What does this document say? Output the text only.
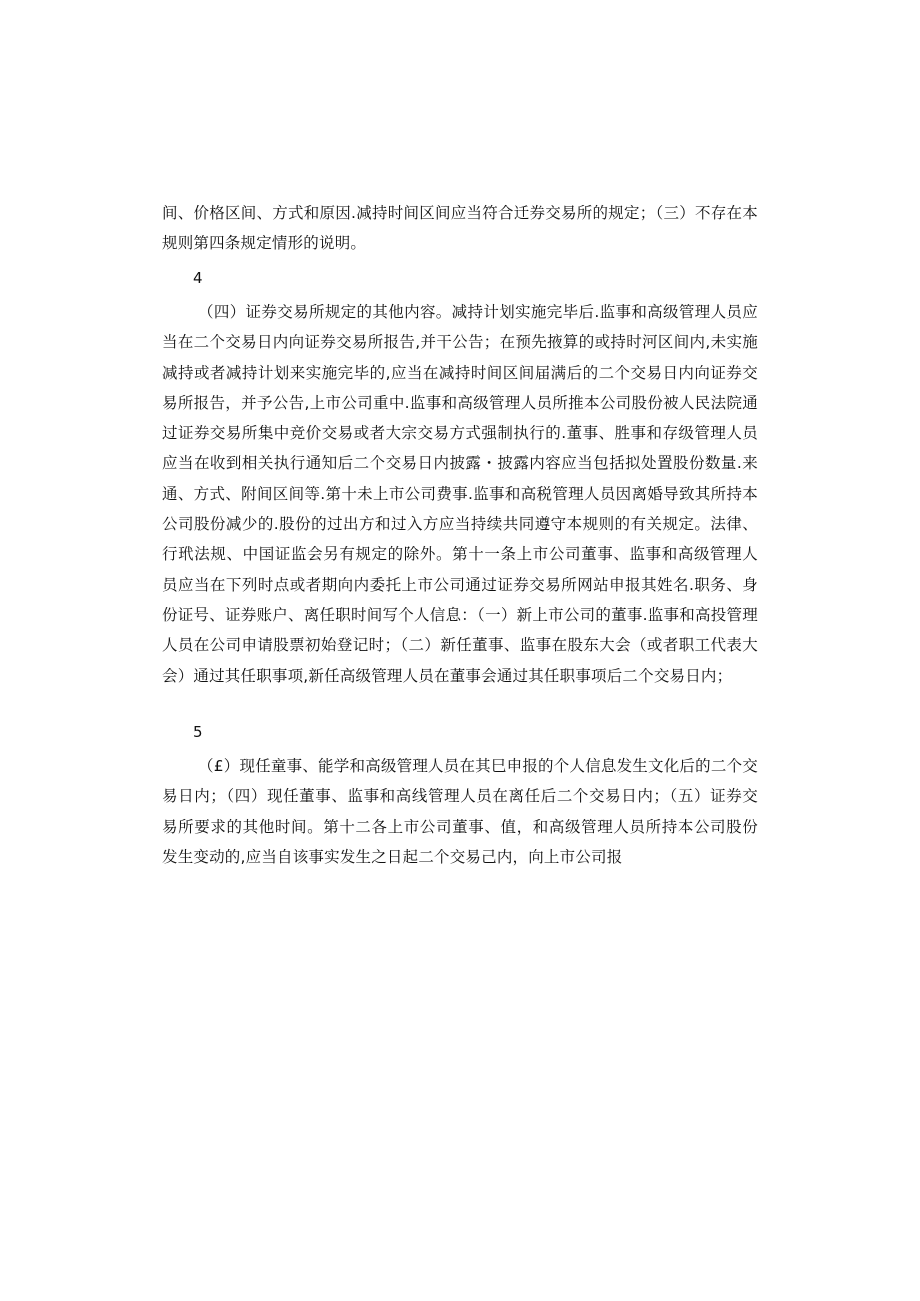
间、价格区间、方式和原因.减持时间区间应当符合迁券交易所的规定；（三）不存在本规则第四条规定情形的说明。

4

（四）证券交易所规定的其他内容。减持计划实施完毕后.监事和高级管理人员应当在二个交易日内向证券交易所报告,并干公告；在预先掖算的或持时河区间内,未实施减持或者减持计划来实施完毕的,应当在减持时间区间届满后的二个交易日内向证券交易所报告，并予公告,上市公司重中.监事和高级管理人员所推本公司股份被人民法院通过证券交易所集中竞价交易或者大宗交易方式强制执行的.董事、胜事和存级管理人员应当在收到相关执行通知后二个交易日内披露・披露内容应当包括拟处置股份数量.来通、方式、附间区间等.第十未上市公司费事.监事和高税管理人员因离婚导致其所持本公司股份减少的.股份的过出方和过入方应当持续共同遵守本规则的有关规定。法律、行玳法规、中国证监会另有规定的除外。第十一条上市公司董事、监事和高级管理人员应当在下列时点或者期向内委托上市公司通过证券交易所网站申报其姓名.职务、身份证号、证券账户、离任职时间写个人信息：（一）新上市公司的董事.监事和高投管理人员在公司申请股票初始登记时；（二）新任董事、监事在股东大会（或者职工代表大会）通过其任职事项,新任高级管理人员在董事会通过其任职事项后二个交易日内；

5

（£）现任童事、能学和高级管理人员在其巳申报的个人信息发生文化后的二个交易日内；（四）现任董事、监事和高线管理人员在离任后二个交易日内；（五）证券交易所要求的其他时间。第十二各上市公司董事、值，和高级管理人员所持本公司股份发生变动的,应当自该事实发生之日起二个交易己内，向上市公司报
